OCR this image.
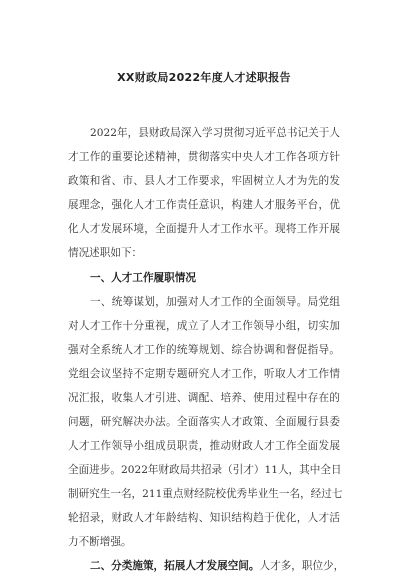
XX财政局2022年度人才述职报告
2022年，县财政局深入学习贯彻习近平总书记关于人
才工作的重要论述精神，贯彻落实中央人才工作各项方针
政策和省、市、县人才工作要求，牢固树立人才为先的发
展理念，强化人才工作责任意识，构建人才服务平台，优
化人才发展环境，全面提升人才工作水平。现将工作开展
情况述职如下：
一、人才工作履职情况
一、统筹谋划，加强对人才工作的全面领导。局党组
对人才工作十分重视，成立了人才工作领导小组，切实加
强对全系统人才工作的统筹规划、综合协调和督促指导。
党组会议坚持不定期专题研究人才工作，听取人才工作情
况汇报，收集人才引进、调配、培养、使用过程中存在的
问题，研究解决办法。全面落实人才政策、全面履行县委
人才工作领导小组成员职责，推动财政人才工作全面发展
全面进步。2022年财政局共招录（引才）11人，其中全日
制研究生一名，211重点财经院校优秀毕业生一名，经过七
轮招录，财政人才年龄结构、知识结构趋于优化，人才活
力不断增强。
二、分类施策，拓展人才发展空间。人才多，职位少，
